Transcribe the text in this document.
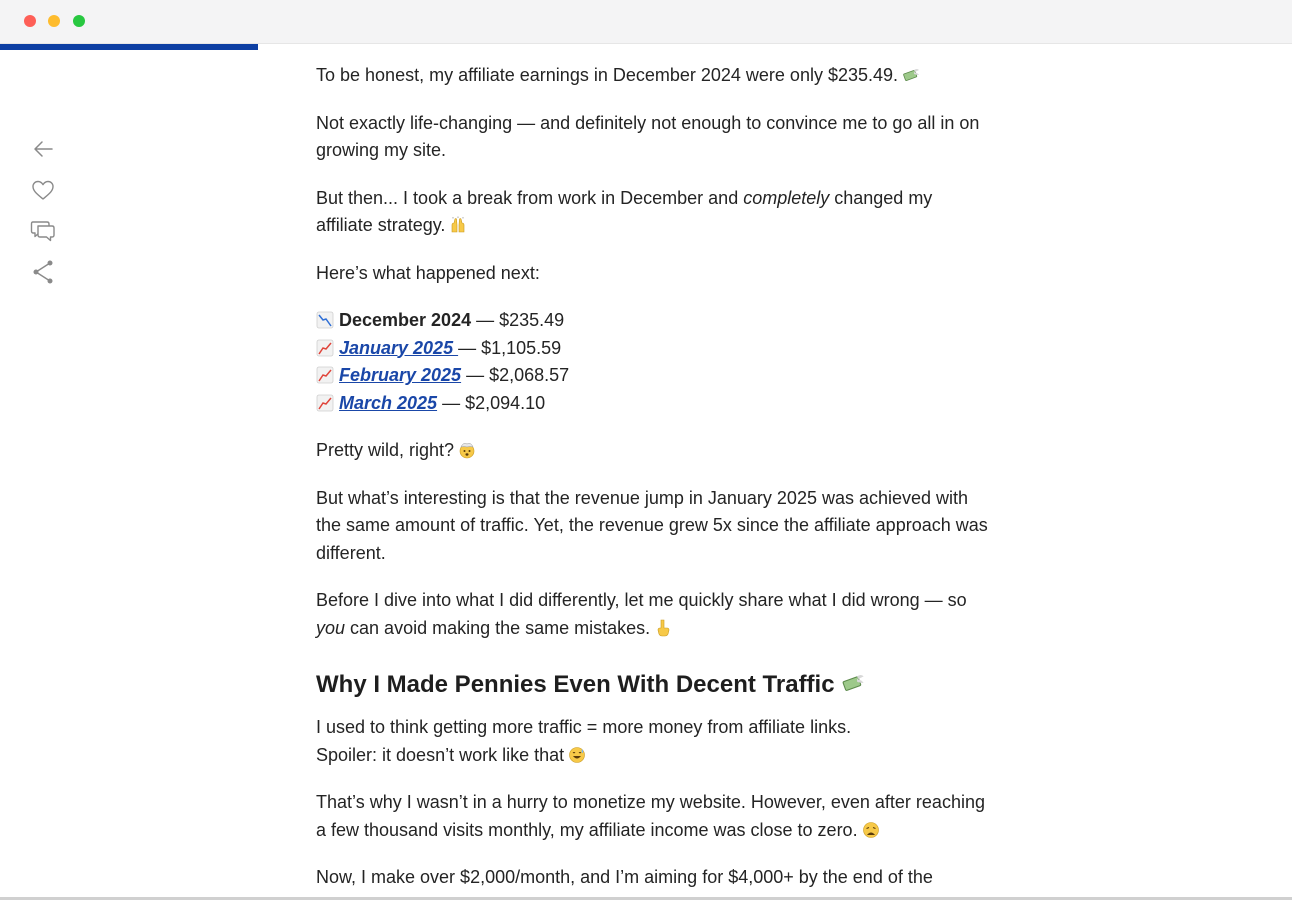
To be honest, my affiliate earnings in December 2024 were only $235.49.

Not exactly life-changing — and definitely not enough to convince me to go all in on growing my site.

But then... I took a break from work in December and completely changed my affiliate strategy.

Here’s what happened next:

December 2024 — $235.49
January 2025 — $1,105.59
February 2025 — $2,068.57
March 2025 — $2,094.10

Pretty wild, right?

But what’s interesting is that the revenue jump in January 2025 was achieved with the same amount of traffic. Yet, the revenue grew 5x since the affiliate approach was different.

Before I dive into what I did differently, let me quickly share what I did wrong — so you can avoid making the same mistakes.

Why I Made Pennies Even With Decent Traffic

I used to think getting more traffic = more money from affiliate links.
Spoiler: it doesn’t work like that

That’s why I wasn’t in a hurry to monetize my website. However, even after reaching a few thousand visits monthly, my affiliate income was close to zero.

Now, I make over $2,000/month, and I’m aiming for $4,000+ by the end of the
